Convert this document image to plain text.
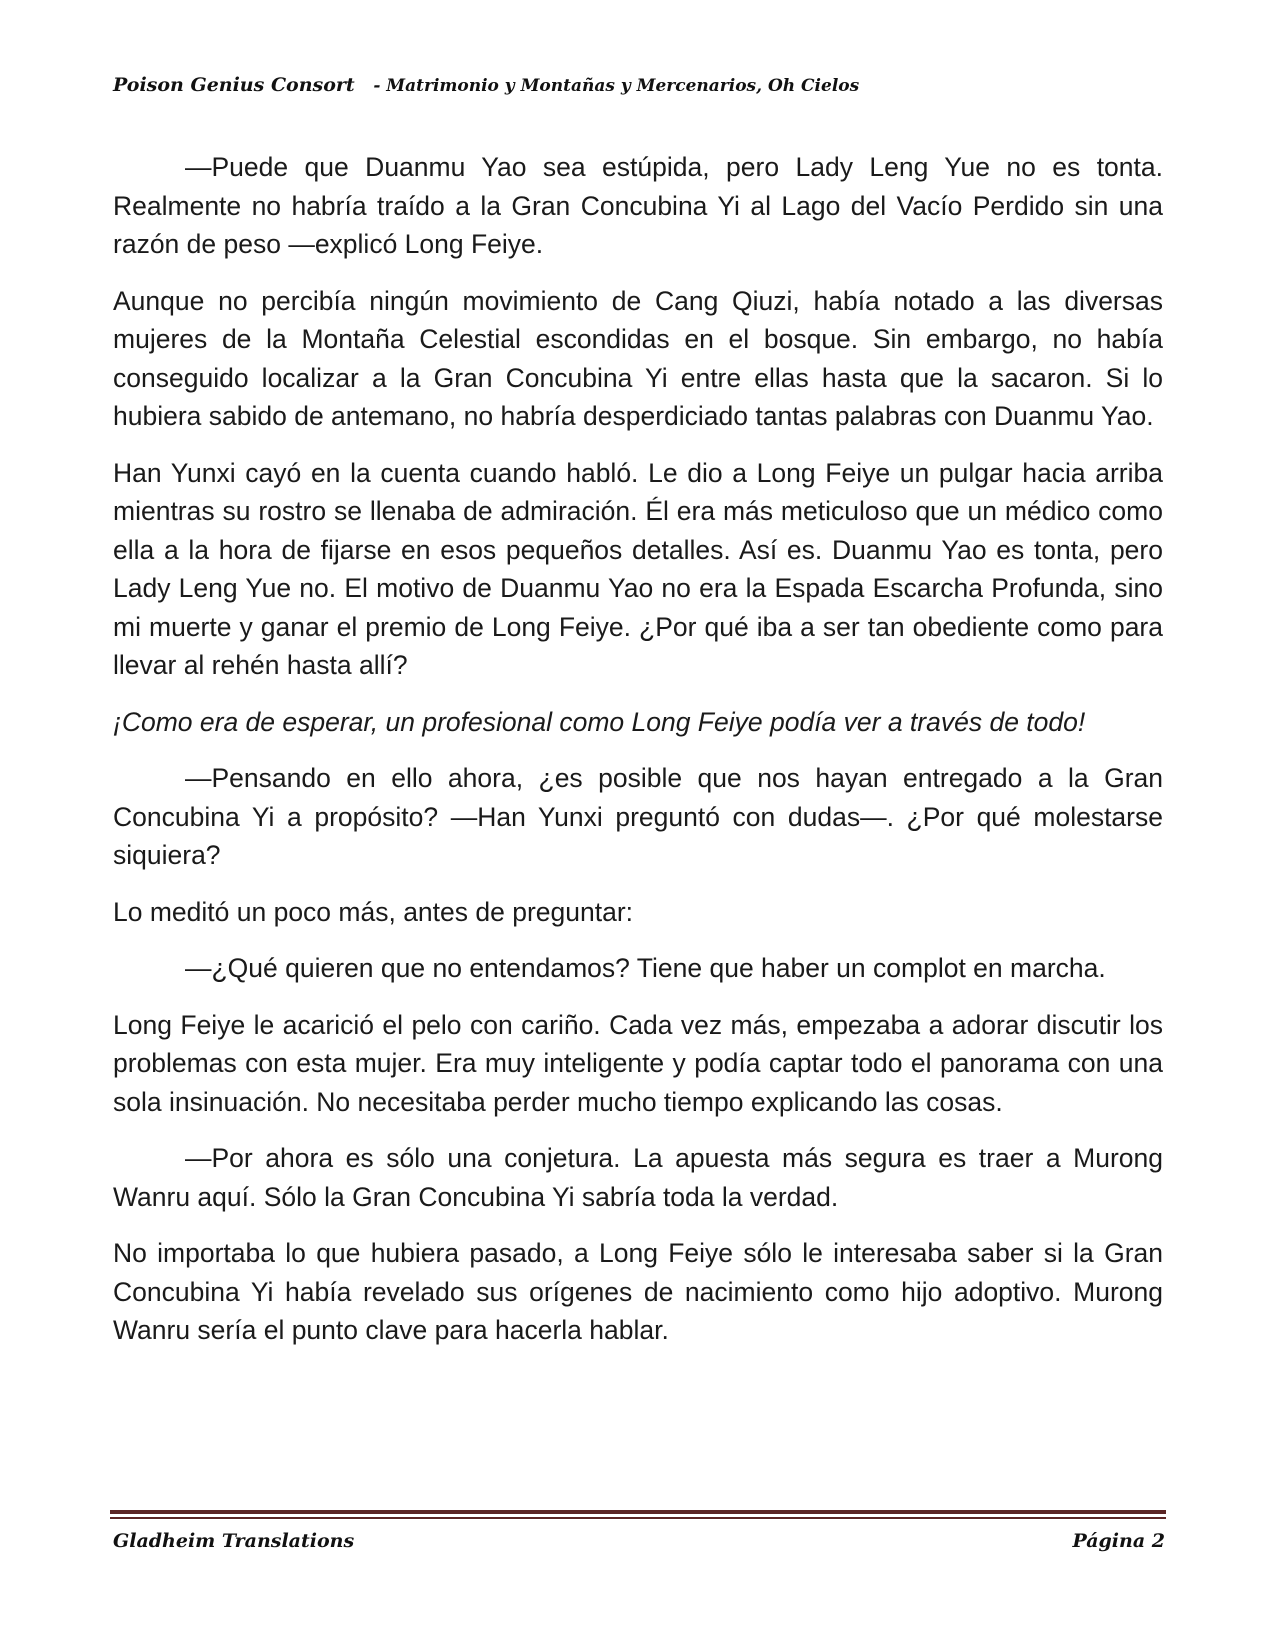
Poison Genius Consort - Matrimonio y Montañas y Mercenarios, Oh Cielos

—Puede que Duanmu Yao sea estúpida, pero Lady Leng Yue no es tonta. Realmente no habría traído a la Gran Concubina Yi al Lago del Vacío Perdido sin una razón de peso —explicó Long Feiye.

Aunque no percibía ningún movimiento de Cang Qiuzi, había notado a las diversas mujeres de la Montaña Celestial escondidas en el bosque. Sin embargo, no había conseguido localizar a la Gran Concubina Yi entre ellas hasta que la sacaron. Si lo hubiera sabido de antemano, no habría desperdiciado tantas palabras con Duanmu Yao.

Han Yunxi cayó en la cuenta cuando habló. Le dio a Long Feiye un pulgar hacia arriba mientras su rostro se llenaba de admiración. Él era más meticuloso que un médico como ella a la hora de fijarse en esos pequeños detalles. Así es. Duanmu Yao es tonta, pero Lady Leng Yue no. El motivo de Duanmu Yao no era la Espada Escarcha Profunda, sino mi muerte y ganar el premio de Long Feiye. ¿Por qué iba a ser tan obediente como para llevar al rehén hasta allí?

¡Como era de esperar, un profesional como Long Feiye podía ver a través de todo!

—Pensando en ello ahora, ¿es posible que nos hayan entregado a la Gran Concubina Yi a propósito? —Han Yunxi preguntó con dudas—. ¿Por qué molestarse siquiera?

Lo meditó un poco más, antes de preguntar:

—¿Qué quieren que no entendamos? Tiene que haber un complot en marcha.

Long Feiye le acarició el pelo con cariño. Cada vez más, empezaba a adorar discutir los problemas con esta mujer. Era muy inteligente y podía captar todo el panorama con una sola insinuación. No necesitaba perder mucho tiempo explicando las cosas.

—Por ahora es sólo una conjetura. La apuesta más segura es traer a Murong Wanru aquí. Sólo la Gran Concubina Yi sabría toda la verdad.

No importaba lo que hubiera pasado, a Long Feiye sólo le interesaba saber si la Gran Concubina Yi había revelado sus orígenes de nacimiento como hijo adoptivo. Murong Wanru sería el punto clave para hacerla hablar.

Gladheim Translations	Página 2
